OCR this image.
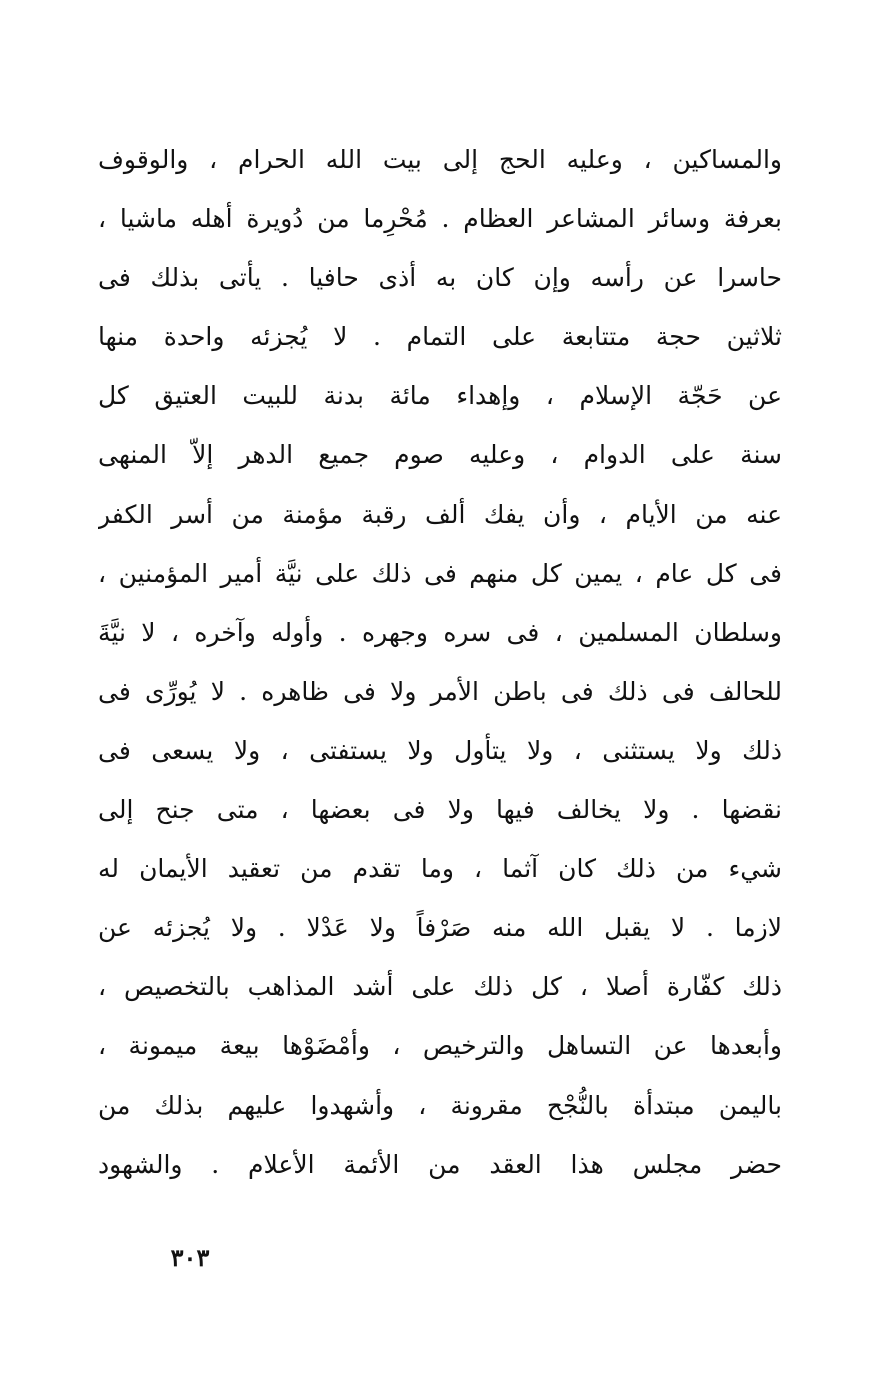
والمساكين ، وعليه الحج إلى بيت الله الحرام ، والوقوف
بعرفة وسائر المشاعر العظام . مُحْرِما من دُويرة أهله ماشيا ،
حاسرا عن رأسه وإن كان به أذى حافيا . يأتى بذلك فى
ثلاثين حجة متتابعة على التمام . لا يُجزئه واحدة منها
عن حَجّة الإسلام ، وإهداء مائة بدنة للبيت العتيق كل
سنة على الدوام ، وعليه صوم جميع الدهر إلاّ المنهى
عنه من الأيام ، وأن يفك ألف رقبة مؤمنة من أسر الكفر
فى كل عام ، يمين كل منهم فى ذلك على نيَّة أمير المؤمنين ،
وسلطان المسلمين ، فى سره وجهره . وأوله وآخره ، لا نيَّةَ
للحالف فى ذلك فى باطن الأمر ولا فى ظاهره . لا يُورِّى فى
ذلك ولا يستثنى ، ولا يتأول ولا يستفتى ، ولا يسعى فى
نقضها . ولا يخالف فيها ولا فى بعضها ، متى جنح إلى
شيء من ذلك كان آثما ، وما تقدم من تعقيد الأيمان له
لازما . لا يقبل الله منه صَرْفاً ولا عَدْلا . ولا يُجزئه عن
ذلك كفّارة أصلا ، كل ذلك على أشد المذاهب بالتخصيص ،
وأبعدها عن التساهل والترخيص ، وأمْضَوْها بيعة ميمونة ،
باليمن مبتدأة بالنُّجْح مقرونة ، وأشهدوا عليهم بذلك من
حضر مجلس هذا العقد من الأئمة الأعلام . والشهود
٣٠٣
